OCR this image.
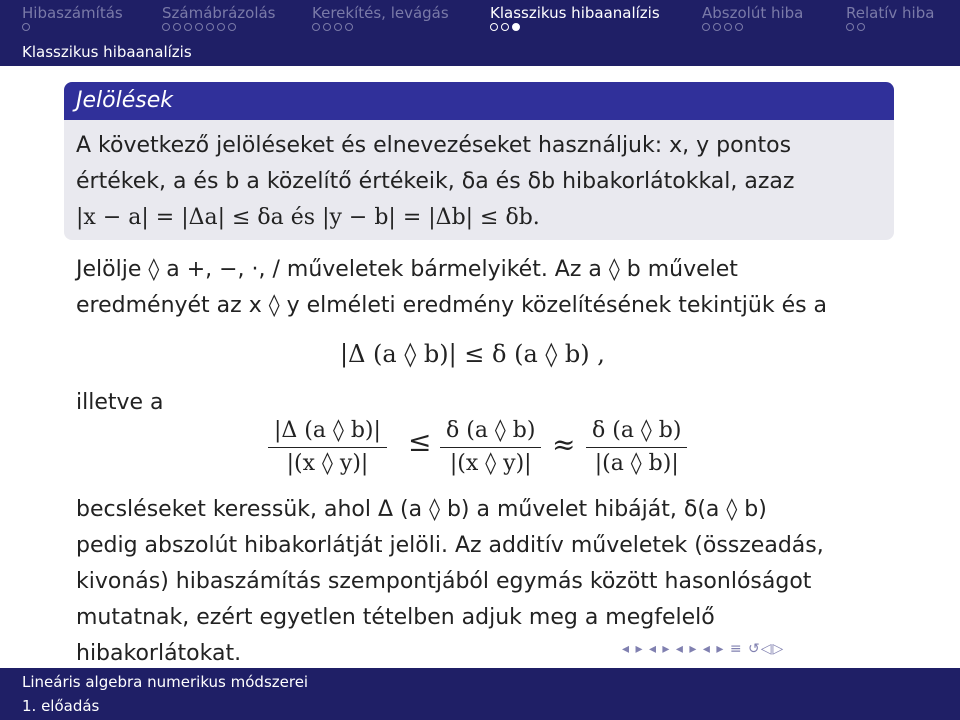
Hibaszámítás	Számábrázolás Kerekítés, levágás	Klasszikus hibaanalízis	Abszolút hiba	Relatív hiba
Klasszikus hibaanalízis
Jelölések
A következő jelöléseket és elnevezéseket használjuk: x, y pontos
értékek, a és b a közelítő értékeik, δa és δb hibakorlátokkal, azaz
|x − a| = |Δa| ≤ δa és |y − b| = |Δb| ≤ δb.
Jelölje ◊ a +, −, ·, / műveletek bármelyikét. Az a ◊ b művelet
eredményét az x ◊ y elméleti eredmény közelítésének tekintjük és a
|Δ (a ◊ b)| ≤ δ (a ◊ b) ,
illetve a
$\frac{|\Delta (a ◊ b)|}{|(x ◊ y)|} \le \frac{\delta (a ◊ b)}{|(x ◊ y)|} \approx \frac{\delta (a ◊ b)}{|(a ◊ b)|}$
becsléseket keressük, ahol Δ (a ◊ b) a művelet hibáját, δ(a ◊ b)
pedig abszolút hibakorlátját jelöli. Az additív műveletek (összeadás,
kivonás) hibaszámítás szempontjából egymás között hasonlóságot
mutatnak, ezért egyetlen tételben adjuk meg a megfelelő
hibakorlátokat.	◂ ▸ ◂ ▸ ◂ ▸ ◂ ▸ ≡ ↺◁▷
Lineáris algebra numerikus módszerei
1. előadás
